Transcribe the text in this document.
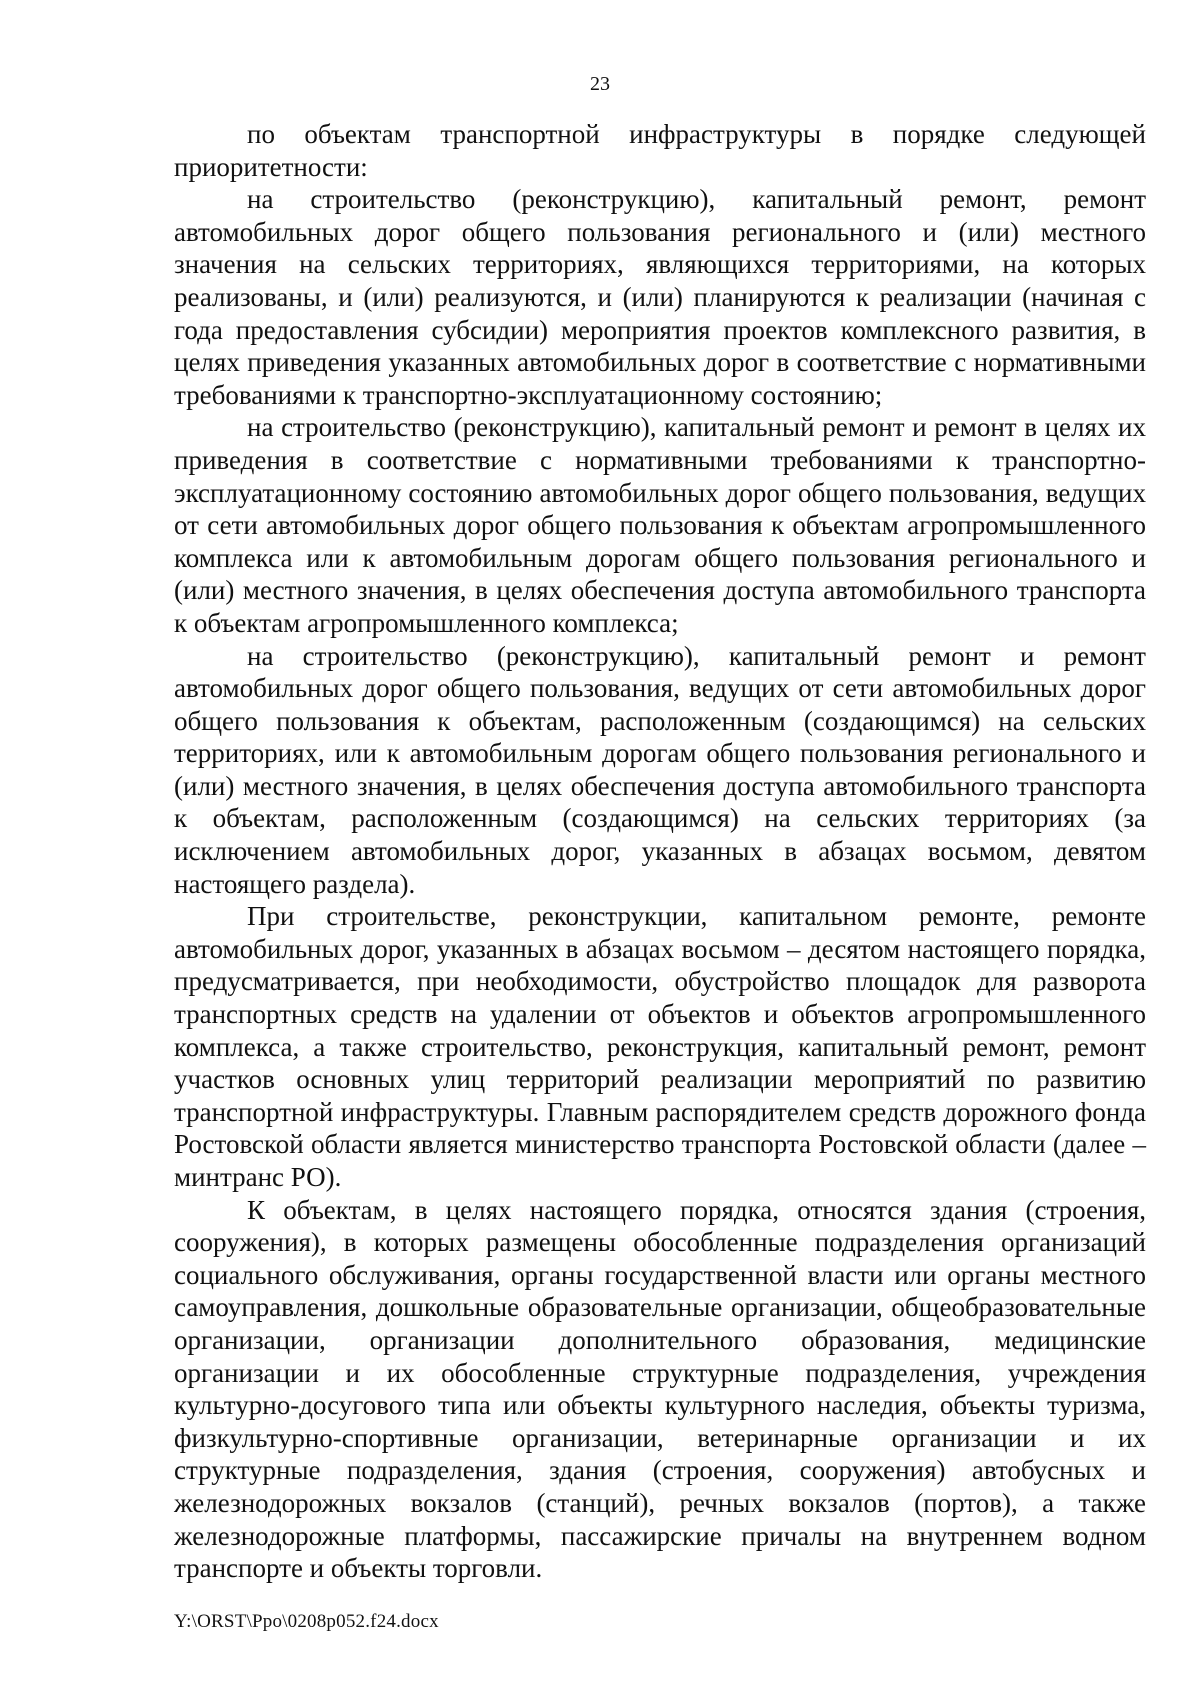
23

по объектам транспортной инфраструктуры в порядке следующей приоритетности:

на строительство (реконструкцию), капитальный ремонт, ремонт автомобильных дорог общего пользования регионального и (или) местного значения на сельских территориях, являющихся территориями, на которых реализованы, и (или) реализуются, и (или) планируются к реализации (начиная с года предоставления субсидии) мероприятия проектов комплексного развития, в целях приведения указанных автомобильных дорог в соответствие с нормативными требованиями к транспортно-эксплуатационному состоянию;

на строительство (реконструкцию), капитальный ремонт и ремонт в целях их приведения в соответствие с нормативными требованиями к транспортно-эксплуатационному состоянию автомобильных дорог общего пользования, ведущих от сети автомобильных дорог общего пользования к объектам агропромышленного комплекса или к автомобильным дорогам общего пользования регионального и (или) местного значения, в целях обеспечения доступа автомобильного транспорта к объектам агропромышленного комплекса;

на строительство (реконструкцию), капитальный ремонт и ремонт автомобильных дорог общего пользования, ведущих от сети автомобильных дорог общего пользования к объектам, расположенным (создающимся) на сельских территориях, или к автомобильным дорогам общего пользования регионального и (или) местного значения, в целях обеспечения доступа автомобильного транспорта к объектам, расположенным (создающимся) на сельских территориях (за исключением автомобильных дорог, указанных в абзацах восьмом, девятом настоящего раздела).

При строительстве, реконструкции, капитальном ремонте, ремонте автомобильных дорог, указанных в абзацах восьмом – десятом настоящего порядка, предусматривается, при необходимости, обустройство площадок для разворота транспортных средств на удалении от объектов и объектов агропромышленного комплекса, а также строительство, реконструкция, капитальный ремонт, ремонт участков основных улиц территорий реализации мероприятий по развитию транспортной инфраструктуры. Главным распорядителем средств дорожного фонда Ростовской области является министерство транспорта Ростовской области (далее – минтранс РО).

К объектам, в целях настоящего порядка, относятся здания (строения, сооружения), в которых размещены обособленные подразделения организаций социального обслуживания, органы государственной власти или органы местного самоуправления, дошкольные образовательные организации, общеобразовательные организации, организации дополнительного образования, медицинские организации и их обособленные структурные подразделения, учреждения культурно-досугового типа или объекты культурного наследия, объекты туризма, физкультурно-спортивные организации, ветеринарные организации и их структурные подразделения, здания (строения, сооружения) автобусных и железнодорожных вокзалов (станций), речных вокзалов (портов), а также железнодорожные платформы, пассажирские причалы на внутреннем водном транспорте и объекты торговли.

Y:\ORST\Ppo\0208p052.f24.docx
